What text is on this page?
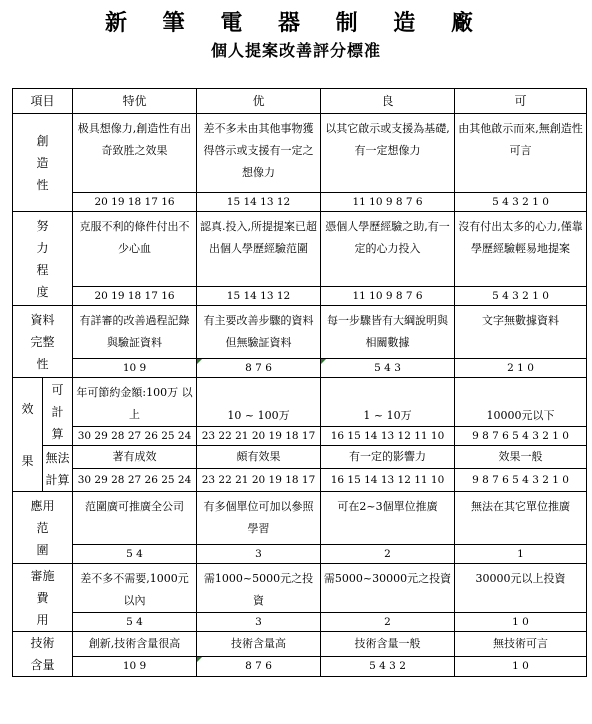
新 筆 電 器 制 造 廠
個人提案改善評分標准
項目		特优	优	良	可

創
造
性		极具想像力,創造性有出奇致胜之效果	差不多未由其他事物獲得啓示或支援有一定之想像力	以其它啟示或支援為基礎,有一定想像力	由其他啟示而來,無創造性可言
		20 19 18 17 16	15 14 13 12	11 10 9 8 7 6	5 4 3 2 1 0

努
力
程
度		克服不利的條件付出不少心血	認真.投入,所提提案已超出個人學歷經驗范圍	憑個人學歷經驗之助,有一定的心力投入	沒有付出太多的心力,僅靠學歷經驗輕易地提案
		20 19 18 17 16	15 14 13 12	11 10 9 8 7 6	5 4 3 2 1 0

資料
完整
性		有詳審的改善過程記錄與驗証資料	有主要改善步驟的資料但無驗証資料	每一步驟皆有大綱說明與相關數據	文字無數據資料
		10 9	8 7 6	5 4 3	2 1 0

效
果	可
計
算	年可節約金額:100万 以上	10 ~ 100万	1 ~ 10万	10000元以下
		30 29 28 27 26 25 24	23 22 21 20 19 18 17	16 15 14 13 12 11 10	9 8 7 6 5 4 3 2 1 0

	無法
計算	著有成效	頗有效果	有一定的影響力	效果一般
		30 29 28 27 26 25 24	23 22 21 20 19 18 17	16 15 14 13 12 11 10	9 8 7 6 5 4 3 2 1 0

應用
范
圍		范圍廣可推廣全公司	有多個單位可加以參照學習	可在2~3個單位推廣	無法在其它單位推廣
		5 4	3	2	1

審施
費
用		差不多不需要,1000元以內	需1000~5000元之投資	需5000~30000元之投資	30000元以上投資
		5 4	3	2	1 0

技術
含量		創新,技術含量很高	技術含量高	技術含量一般	無技術可言
		10 9	8 7 6	5 4 3 2	1 0
